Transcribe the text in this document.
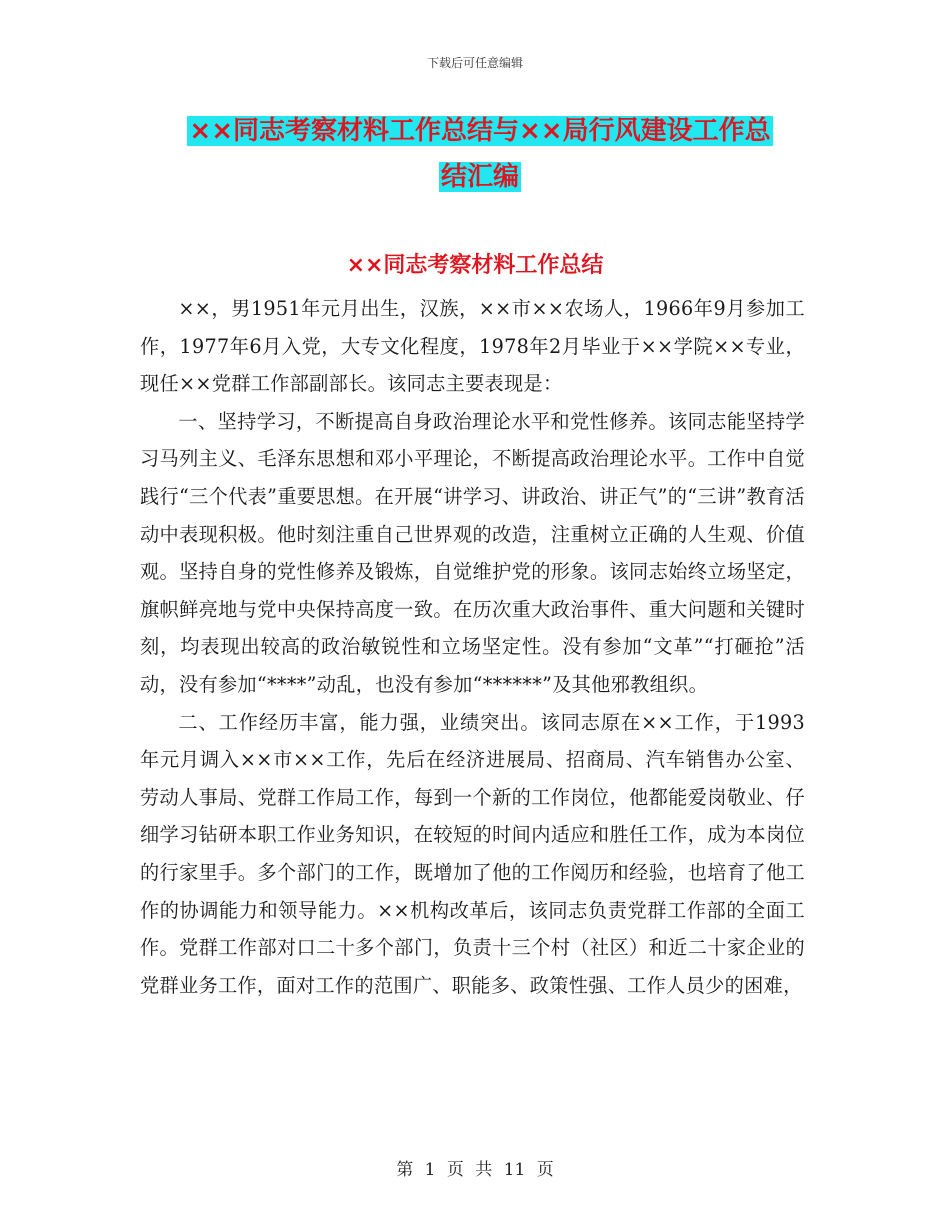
下载后可任意编辑
××同志考察材料工作总结与××局行风建设工作总
结汇编
××同志考察材料工作总结

××，男1951年元月出生，汉族，××市××农场人，1966年9月参加工作，1977年6月入党，大专文化程度，1978年2月毕业于××学院××专业，现任××党群工作部副部长。该同志主要表现是：

一、坚持学习，不断提高自身政治理论水平和党性修养。该同志能坚持学习马列主义、毛泽东思想和邓小平理论，不断提高政治理论水平。工作中自觉践行“三个代表”重要思想。在开展“讲学习、讲政治、讲正气”的“三讲”教育活动中表现积极。他时刻注重自己世界观的改造，注重树立正确的人生观、价值观。坚持自身的党性修养及锻炼，自觉维护党的形象。该同志始终立场坚定，旗帜鲜亮地与党中央保持高度一致。在历次重大政治事件、重大问题和关键时刻，均表现出较高的政治敏锐性和立场坚定性。没有参加“文革”“打砸抢”活动，没有参加“****”动乱，也没有参加“******”及其他邪教组织。

二、工作经历丰富，能力强，业绩突出。该同志原在××工作，于1993年元月调入××市××工作，先后在经济进展局、招商局、汽车销售办公室、劳动人事局、党群工作局工作，每到一个新的工作岗位，他都能爱岗敬业、仔细学习钻研本职工作业务知识，在较短的时间内适应和胜任工作，成为本岗位的行家里手。多个部门的工作，既增加了他的工作阅历和经验，也培育了他工作的协调能力和领导能力。××机构改革后，该同志负责党群工作部的全面工作。党群工作部对口二十多个部门，负责十三个村（社区）和近二十家企业的党群业务工作，面对工作的范围广、职能多、政策性强、工作人员少的困难，

第 1 页 共 11 页
